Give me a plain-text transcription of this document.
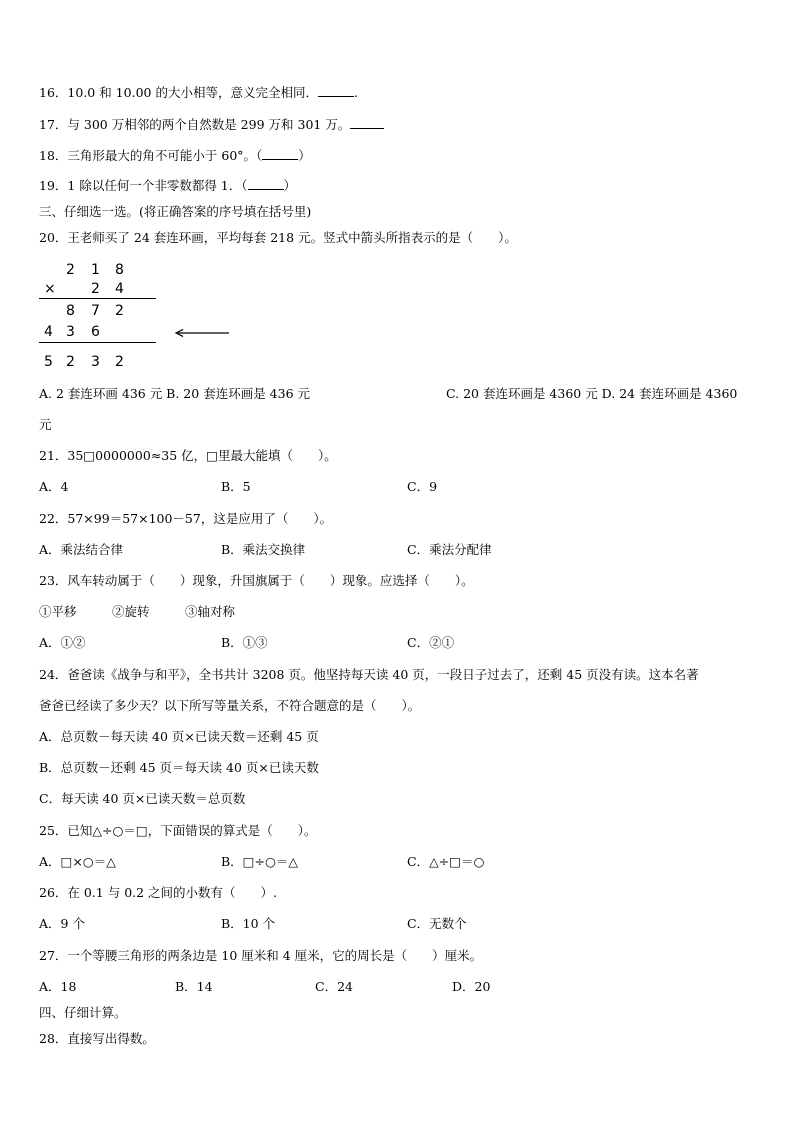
16．10.0 和 10.00 的大小相等，意义完全相同．	.
17．与 300 万相邻的两个自然数是 299 万和 301 万。
18．三角形最大的角不可能小于 60°。（	）
19．1 除以任何一个非零数都得 1．（	）
三、仔细选一选。(将正确答案的序号填在括号里)
20．王老师买了 24 套连环画，平均每套 218 元。竖式中箭头所指表示的是（　　）。
2 1 8
×	2 4
8 7 2
4 3 6
5 2 3 2
A. 2 套连环画 436 元 B. 20 套连环画是 436 元	C. 20 套连环画是 4360 元 D. 24 套连环画是 4360
元
21．35□0000000≈35 亿，□里最大能填（　　）。
A．4	B．5	C．9
22．57×99＝57×100－57，这是应用了（　　）。
A．乘法结合律	B．乘法交换律	C．乘法分配律
23．风车转动属于（　　）现象，升国旗属于（　　）现象。应选择（　　）。
①平移	②旋转	③轴对称
A．①②	B．①③	C．②①
24．爸爸读《战争与和平》，全书共计 3208 页。他坚持每天读 40 页，一段日子过去了，还剩 45 页没有读。这本名著
爸爸已经读了多少天？以下所写等量关系，不符合题意的是（　　）。
A．总页数－每天读 40 页×已读天数＝还剩 45 页
B．总页数－还剩 45 页＝每天读 40 页×已读天数
C．每天读 40 页×已读天数＝总页数
25．已知△÷○＝□，下面错误的算式是（　　）。
A．□×○＝△	B．□÷○＝△	C．△÷□＝○
26．在 0.1 与 0.2 之间的小数有（　　）.
A．9 个	B．10 个	C．无数个
27．一个等腰三角形的两条边是 10 厘米和 4 厘米，它的周长是（　　）厘米。
A．18	B．14	C．24	D．20
四、仔细计算。
28．直接写出得数。
